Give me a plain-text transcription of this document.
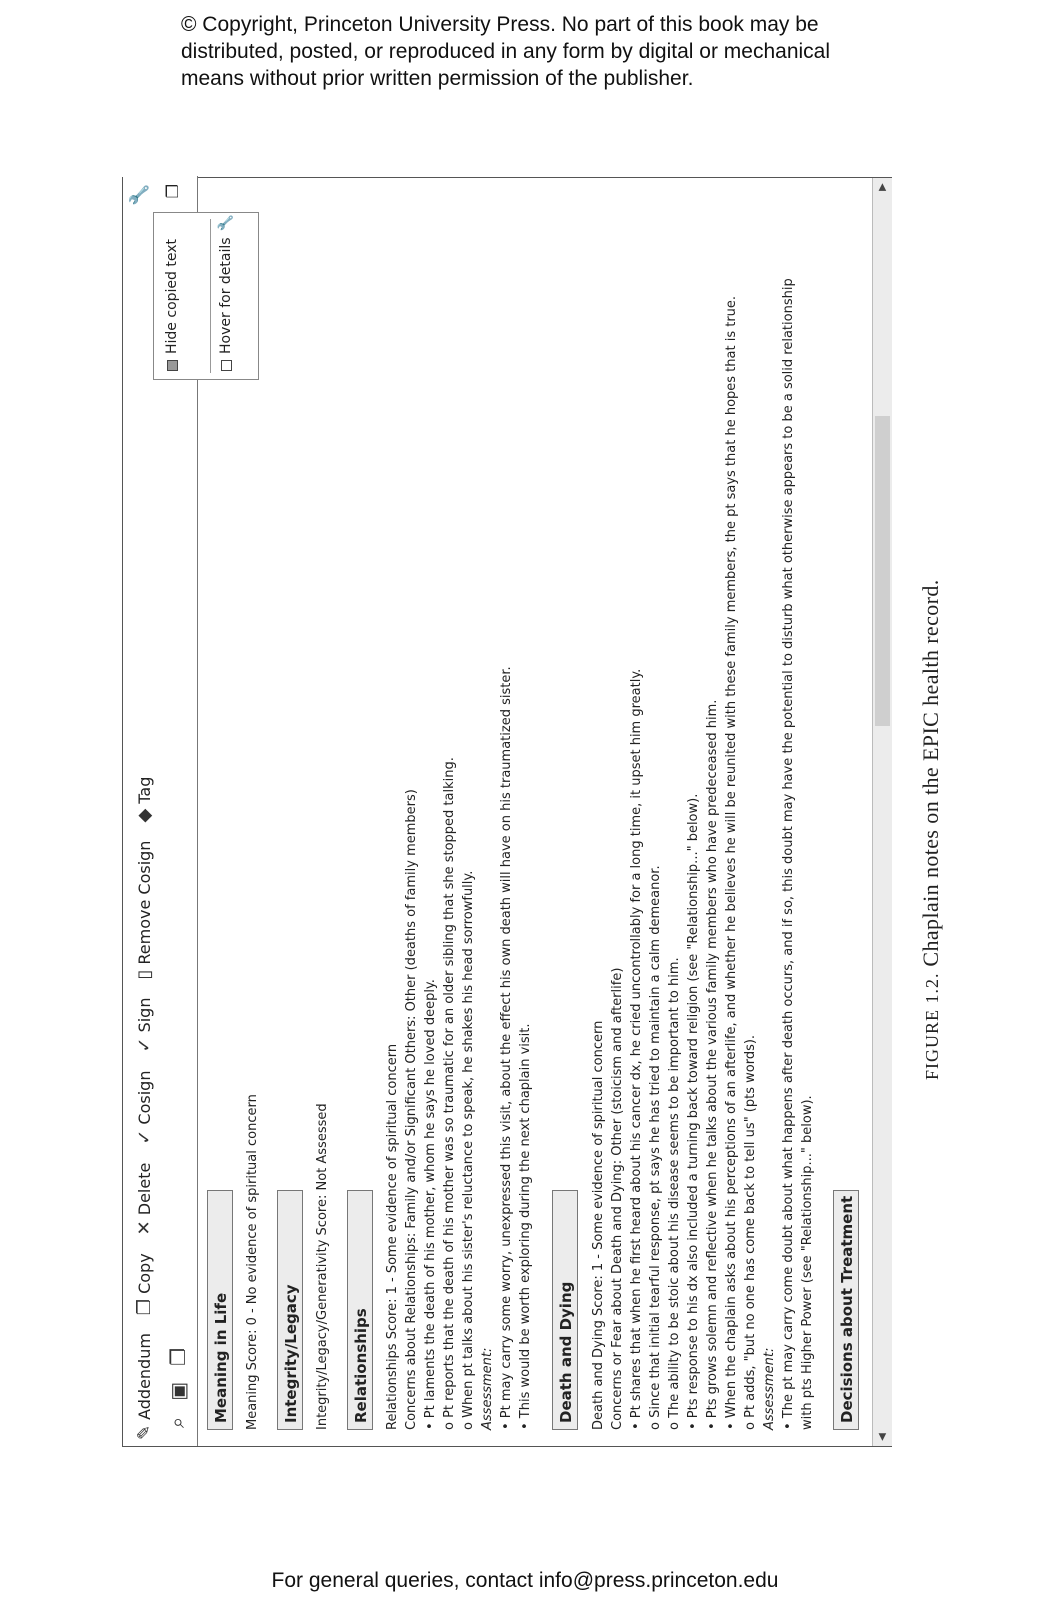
© Copyright, Princeton University Press. No part of this book may be
distributed, posted, or reproduced in any form by digital or mechanical
means without prior written permission of the publisher.
✎
Addendum
❐
Copy
✕
Delete
✓
Cosign
✓
Sign
▯
Remove Cosign
◆
Tag
⌕
▣
❐
🔧 ❐
Meaning in Life Meaning Score: 0 - No evidence of spiritual concern	Integrity/Legacy Integrity/Legacy/Generativity Score: Not Assessed	Relationships Relationships Score: 1 - Some evidence of spiritual concern Concerns about Relationships: Family and/or Significant Others: Other (deaths of family members) • Pt laments the death of his mother, whom he says he loved deeply. o Pt reports that the death of his mother was so traumatic for an older sibling that she stopped talking. o When pt talks about his sister's reluctance to speak, he shakes his head sorrowfully. Assessment: • Pt may carry some worry, unexpressed this visit, about the effect his own death will have on his traumatized sister. • This would be worth exploring during the next chaplain visit.	Death and Dying Death and Dying Score: 1 - Some evidence of spiritual concern Concerns or Fear about Death and Dying: Other (stoicism and afterlife) • Pt shares that when he first heard about his cancer dx, he cried uncontrollably for a long time, it upset him greatly. o Since that initial tearful response, pt says he has tried to maintain a calm demeanor. o The ability to be stoic about his disease seems to be important to him. • Pts response to his dx also included a turning back toward religion (see "Relationship..." below). • Pts grows solemn and reflective when he talks about the various family members who have predeceased him. • When the chaplain asks about his perceptions of an afterlife, and whether he believes he will be reunited with these family members, the pt says that he hopes that is true. o Pt adds, "but no one has come back to tell us" (pts words). Assessment: • The pt may carry come doubt about what happens after death occurs, and if so, this doubt may have the potential to disturb what otherwise appears to be a solid relationship with pts Higher Power (see "Relationship..." below).	Decisions about Treatment
Hide copied text	Hover for details
🔧
◀
▶
FIGURE 1.2. Chaplain notes on the EPIC health record.
For general queries, contact info@press.princeton.edu
